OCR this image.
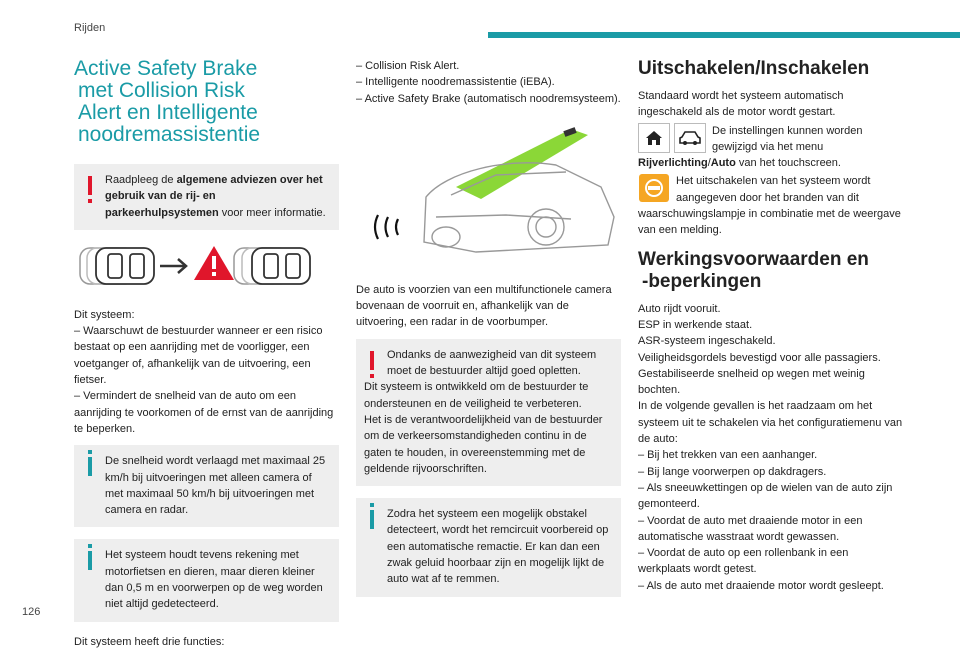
Rijden
Active Safety Brake
met Collision Risk
Alert en Intelligente
noodremassistentie

Raadpleeg de algemene adviezen over het gebruik van de rij- en parkeerhulpsystemen voor meer informatie.

Dit systeem:

– Waarschuwt de bestuurder wanneer er een risico bestaat op een aanrijding met de voorligger, een voetganger of, afhankelijk van de uitvoering, een fietser.

– Vermindert de snelheid van de auto om een aanrijding te voorkomen of de ernst van de aanrijding te beperken.

De snelheid wordt verlaagd met maximaal 25 km/h bij uitvoeringen met alleen camera of met maximaal 50 km/h bij uitvoeringen met camera en radar.

Het systeem houdt tevens rekening met motorfietsen en dieren, maar dieren kleiner dan 0,5 m en voorwerpen op de weg worden niet altijd gedetecteerd.

Dit systeem heeft drie functies:

– Collision Risk Alert.

– Intelligente noodremassistentie (iEBA).

– Active Safety Brake (automatisch noodremsysteem).

De auto is voorzien van een multifunctionele camera bovenaan de voorruit en, afhankelijk van de uitvoering, een radar in de voorbumper.

Ondanks de aanwezigheid van dit systeem moet de bestuurder altijd goed opletten.

Dit systeem is ontwikkeld om de bestuurder te ondersteunen en de veiligheid te verbeteren.

Het is de verantwoordelijkheid van de bestuurder om de verkeersomstandigheden continu in de gaten te houden, in overeenstemming met de geldende rijvoorschriften.

Zodra het systeem een mogelijk obstakel detecteert, wordt het remcircuit voorbereid op een automatische remactie. Er kan dan een zwak geluid hoorbaar zijn en mogelijk lijkt de auto wat af te remmen.

Uitschakelen/Inschakelen

Standaard wordt het systeem automatisch ingeschakeld als de motor wordt gestart.

De instellingen kunnen worden gewijzigd via het menu Rijverlichting/Auto van het touchscreen.

Het uitschakelen van het systeem wordt aangegeven door het branden van dit waarschuwingslampje in combinatie met de weergave van een melding.

Werkingsvoorwaarden en
-beperkingen

Auto rijdt vooruit.

ESP in werkende staat.

ASR-systeem ingeschakeld.

Veiligheidsgordels bevestigd voor alle passagiers.

Gestabiliseerde snelheid op wegen met weinig bochten.

In de volgende gevallen is het raadzaam om het systeem uit te schakelen via het configuratiemenu van de auto:

– Bij het trekken van een aanhanger.

– Bij lange voorwerpen op dakdragers.

– Als sneeuwkettingen op de wielen van de auto zijn gemonteerd.

– Voordat de auto met draaiende motor in een automatische wasstraat wordt gewassen.

– Voordat de auto op een rollenbank in een werkplaats wordt getest.

– Als de auto met draaiende motor wordt gesleept.

126
